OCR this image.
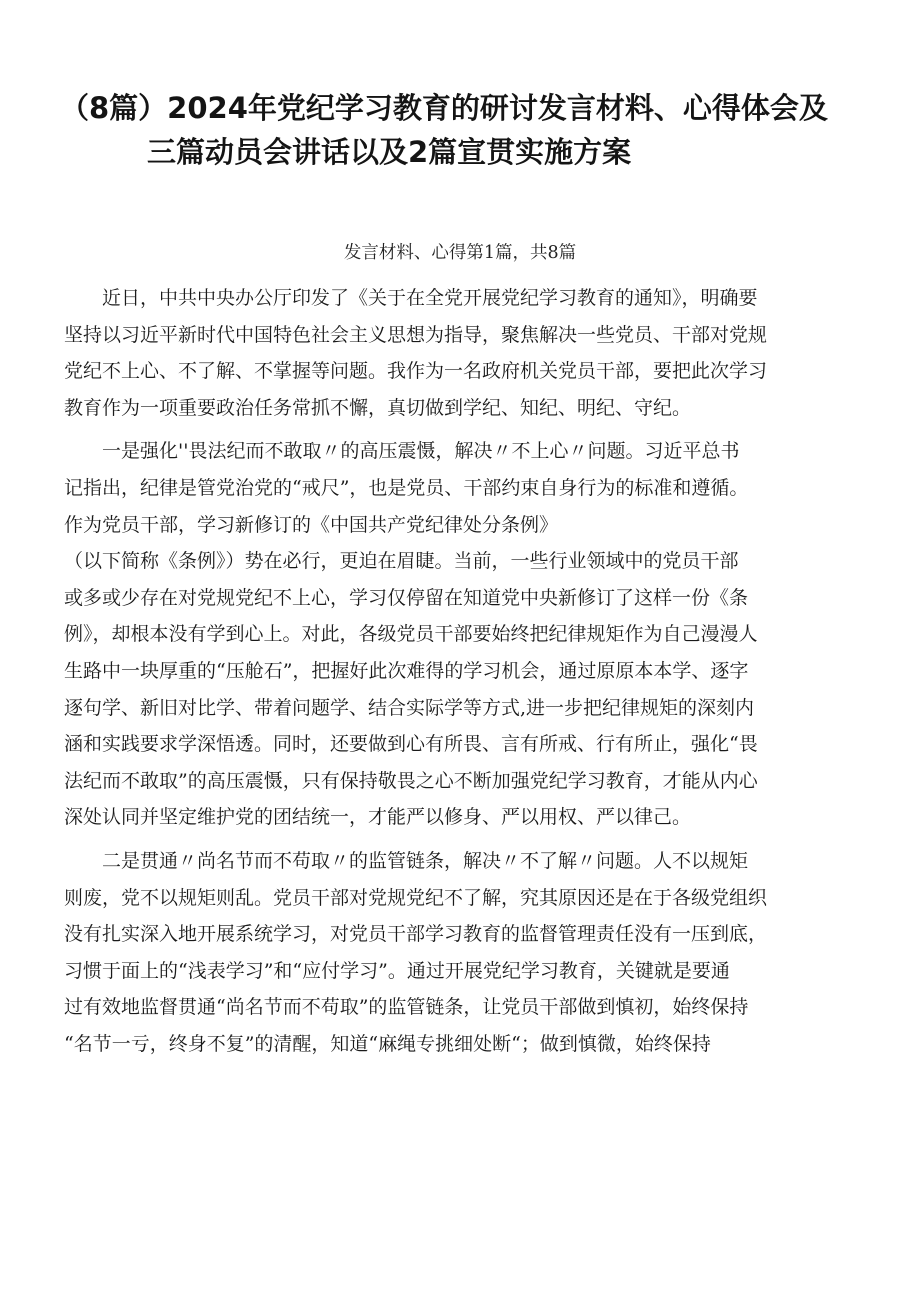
（8篇）2024年党纪学习教育的研讨发言材料、心得体会及
三篇动员会讲话以及2篇宣贯实施方案
发言材料、心得第1篇，共8篇
　　近日，中共中央办公厅印发了《关于在全党开展党纪学习教育的通知》，明确要
坚持以习近平新时代中国特色社会主义思想为指导，聚焦解决一些党员、干部对党规
党纪不上心、不了解、不掌握等问题。我作为一名政府机关党员干部，要把此次学习
教育作为一项重要政治任务常抓不懈，真切做到学纪、知纪、明纪、守纪。
　　一是强化''畏法纪而不敢取〃的高压震慑，解决〃不上心〃问题。习近平总书
记指出，纪律是管党治党的“戒尺”，也是党员、干部约束自身行为的标准和遵循。
作为党员干部，学习新修订的《中国共产党纪律处分条例》
（以下简称《条例》）势在必行，更迫在眉睫。当前，一些行业领域中的党员干部
或多或少存在对党规党纪不上心，学习仅停留在知道党中央新修订了这样一份《条
例》，却根本没有学到心上。对此，各级党员干部要始终把纪律规矩作为自己漫漫人
生路中一块厚重的“压舱石”，把握好此次难得的学习机会，通过原原本本学、逐字
逐句学、新旧对比学、带着问题学、结合实际学等方式,进一步把纪律规矩的深刻内
涵和实践要求学深悟透。同时，还要做到心有所畏、言有所戒、行有所止，强化“畏
法纪而不敢取”的高压震慑，只有保持敬畏之心不断加强党纪学习教育，才能从内心
深处认同并坚定维护党的团结统一，才能严以修身、严以用权、严以律己。
　　二是贯通〃尚名节而不苟取〃的监管链条，解决〃不了解〃问题。人不以规矩
则废，党不以规矩则乱。党员干部对党规党纪不了解，究其原因还是在于各级党组织
没有扎实深入地开展系统学习，对党员干部学习教育的监督管理责任没有一压到底，
习惯于面上的“浅表学习”和“应付学习”。通过开展党纪学习教育，关键就是要通
过有效地监督贯通“尚名节而不苟取”的监管链条，让党员干部做到慎初，始终保持
“名节一亏，终身不复”的清醒，知道“麻绳专挑细处断“；做到慎微，始终保持
